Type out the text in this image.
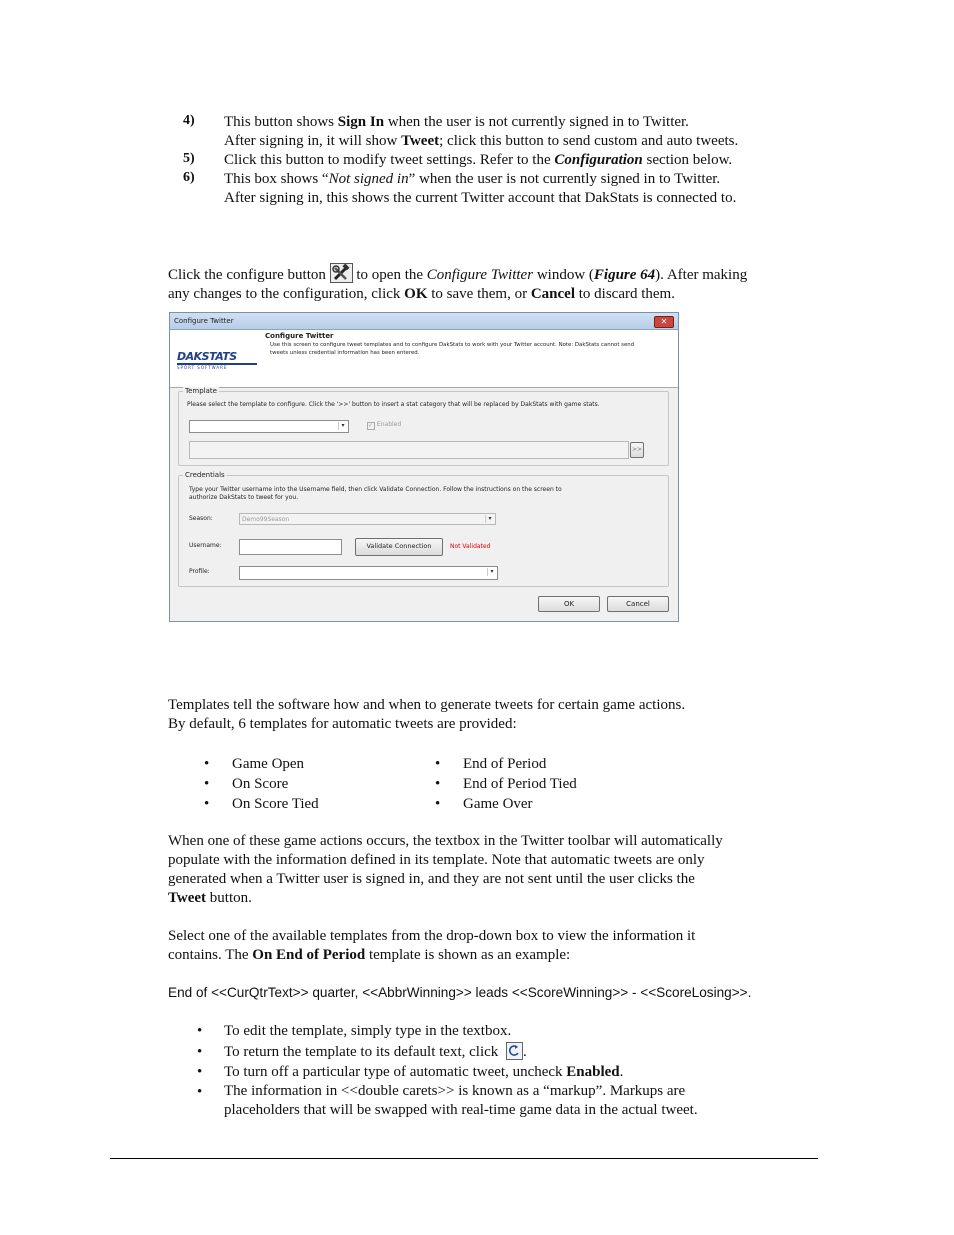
4) This button shows Sign In when the user is not currently signed in to Twitter.
After signing in, it will show Tweet; click this button to send custom and auto tweets.
5) Click this button to modify tweet settings. Refer to the Configuration section below.
6) This box shows “Not signed in” when the user is not currently signed in to Twitter.
After signing in, this shows the current Twitter account that DakStats is connected to.
Click the configure button  to open the Configure Twitter window (Figure 64). After making
any changes to the configuration, click OK to save them, or Cancel to discard them.
Configure Twitter	✕
DAKSTATS
SPORT SOFTWARE
Configure Twitter
Use this screen to configure tweet templates and to configure DakStats to work with your Twitter account. Note: DakStats cannot send
tweets unless credential information has been entered.
Template
Please select the template to configure. Click the '>>' button to insert a stat category that will be replaced by DakStats with game stats.
▾	✓ Enabled
>>
Credentials
Type your Twitter username into the Username field, then click Validate Connection. Follow the instructions on the screen to
authorize DakStats to tweet for you.
Season:	Demo99Season	▾
Username:	Validate Connection	Not Validated
Profile:	▾
OK	Cancel
Templates tell the software how and when to generate tweets for certain game actions.
By default, 6 templates for automatic tweets are provided:
• Game Open
• On Score
• On Score Tied
• End of Period
• End of Period Tied
• Game Over
When one of these game actions occurs, the textbox in the Twitter toolbar will automatically
populate with the information defined in its template. Note that automatic tweets are only
generated when a Twitter user is signed in, and they are not sent until the user clicks the
Tweet button.
Select one of the available templates from the drop-down box to view the information it
contains. The On End of Period template is shown as an example:
End of <<CurQtrText>> quarter, <<AbbrWinning>> leads <<ScoreWinning>> - <<ScoreLosing>>.
• To edit the template, simply type in the textbox.
• To return the template to its default text, click .
• To turn off a particular type of automatic tweet, uncheck Enabled.
• The information in <<double carets>> is known as a “markup”. Markups are
placeholders that will be swapped with real-time game data in the actual tweet.
